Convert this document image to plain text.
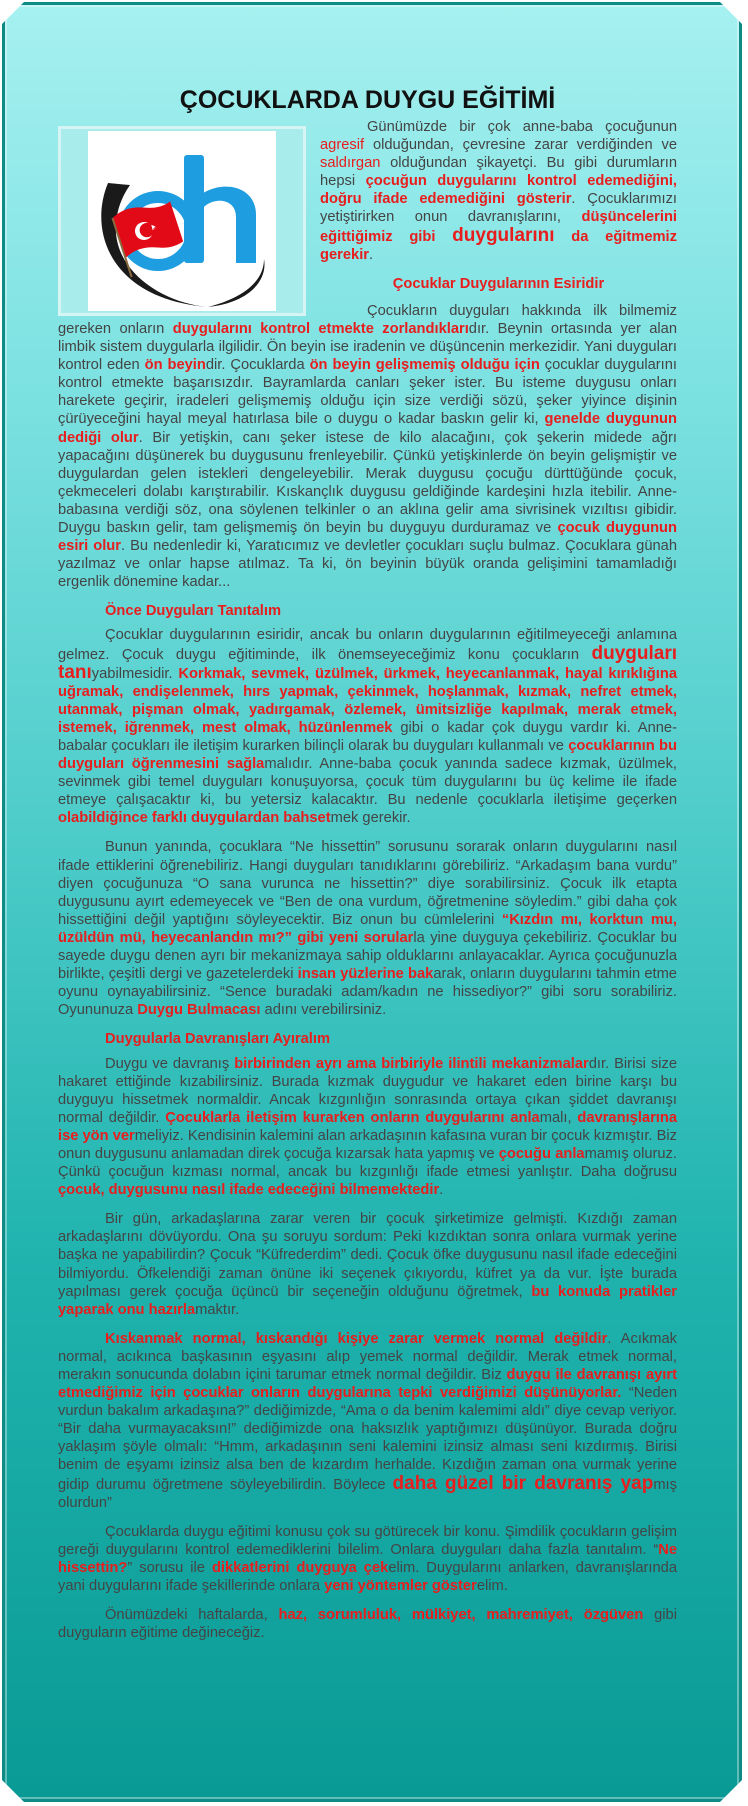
ÇOCUKLARDA DUYGU EĞİTİMİ

Günümüzde bir çok anne-baba çocuğunun agresif olduğundan, çevresine zarar verdiğinden ve saldırgan olduğundan şikayetçi. Bu gibi durumların hepsi çocuğun duygularını kontrol edemediğini, doğru ifade edemediğini gösterir. Çocuklarımızı yetiştirirken onun davranışlarını, düşüncelerini eğittiğimiz gibi duygularını da eğitmemiz gerekir.

Çocuklar Duygularının Esiridir

Çocukların duyguları hakkında ilk bilmemiz gereken onların duygularını kontrol etmekte zorlandıklarıdır. Beynin ortasında yer alan limbik sistem duygularla ilgilidir. Ön beyin ise iradenin ve düşüncenin merkezidir. Yani duyguları kontrol eden ön beyindir. Çocuklarda ön beyin gelişmemiş olduğu için çocuklar duygularını kontrol etmekte başarısızdır. Bayramlarda canları şeker ister. Bu isteme duygusu onları harekete geçirir, iradeleri gelişmemiş olduğu için size verdiği sözü, şeker yiyince dişinin çürüyeceğini hayal meyal hatırlasa bile o duygu o kadar baskın gelir ki, genelde duygunun dediği olur. Bir yetişkin, canı şeker istese de kilo alacağını, çok şekerin midede ağrı yapacağını düşünerek bu duygusunu frenleyebilir. Çünkü yetişkinlerde ön beyin gelişmiştir ve duygulardan gelen istekleri dengeleyebilir. Merak duygusu çocuğu dürttüğünde çocuk, çekmeceleri dolabı karıştırabilir. Kıskançlık duygusu geldiğinde kardeşini hızla itebilir. Anne-babasına verdiği söz, ona söylenen telkinler o an aklına gelir ama sivrisinek vızıltısı gibidir. Duygu baskın gelir, tam gelişmemiş ön beyin bu duyguyu durduramaz ve çocuk duygunun esiri olur. Bu nedenledir ki, Yaratıcımız ve devletler çocukları suçlu bulmaz. Çocuklara günah yazılmaz ve onlar hapse atılmaz. Ta ki, ön beyinin büyük oranda gelişimini tamamladığı ergenlik dönemine kadar...

Önce Duyguları Tanıtalım

Çocuklar duygularının esiridir, ancak bu onların duygularının eğitilmeyeceği anlamına gelmez. Çocuk duygu eğitiminde, ilk önemseyeceğimiz konu çocukların duyguları tanıyabilmesidir. Korkmak, sevmek, üzülmek, ürkmek, heyecanlanmak, hayal kırıklığına uğramak, endişelenmek, hırs yapmak, çekinmek, hoşlanmak, kızmak, nefret etmek, utanmak, pişman olmak, yadırgamak, özlemek, ümitsizliğe kapılmak, merak etmek, istemek, iğrenmek, mest olmak, hüzünlenmek gibi o kadar çok duygu vardır ki. Anne-babalar çocukları ile iletişim kurarken bilinçli olarak bu duyguları kullanmalı ve çocuklarının bu duyguları öğrenmesini sağlamalıdır. Anne-baba çocuk yanında sadece kızmak, üzülmek, sevinmek gibi temel duyguları konuşuyorsa, çocuk tüm duygularını bu üç kelime ile ifade etmeye çalışacaktır ki, bu yetersiz kalacaktır. Bu nedenle çocuklarla iletişime geçerken olabildiğince farklı duygulardan bahsetmek gerekir.

Bunun yanında, çocuklara “Ne hissettin” sorusunu sorarak onların duygularını nasıl ifade ettiklerini öğrenebiliriz. Hangi duyguları tanıdıklarını görebiliriz. “Arkadaşım bana vurdu” diyen çocuğunuza “O sana vurunca ne hissettin?” diye sorabilirsiniz. Çocuk ilk etapta duygusunu ayırt edemeyecek ve “Ben de ona vurdum, öğretmenine söyledim.” gibi daha çok hissettiğini değil yaptığını söyleyecektir. Biz onun bu cümlelerini “Kızdın mı, korktun mu, üzüldün mü, heyecanlandın mı?” gibi yeni sorularla yine duyguya çekebiliriz. Çocuklar bu sayede duygu denen ayrı bir mekanizmaya sahip olduklarını anlayacaklar. Ayrıca çocuğunuzla birlikte, çeşitli dergi ve gazetelerdeki insan yüzlerine bakarak, onların duygularını tahmin etme oyunu oynayabilirsiniz. “Sence buradaki adam/kadın ne hissediyor?” gibi soru sorabiliriz. Oyununuza Duygu Bulmacası adını verebilirsiniz.

Duygularla Davranışları Ayıralım

Duygu ve davranış birbirinden ayrı ama birbiriyle ilintili mekanizmalardır. Birisi size hakaret ettiğinde kızabilirsiniz. Burada kızmak duygudur ve hakaret eden birine karşı bu duyguyu hissetmek normaldir. Ancak kızgınlığın sonrasında ortaya çıkan şiddet davranışı normal değildir. Çocuklarla iletişim kurarken onların duygularını anlamalı, davranışlarına ise yön vermeliyiz. Kendisinin kalemini alan arkadaşının kafasına vuran bir çocuk kızmıştır. Biz onun duygusunu anlamadan direk çocuğa kızarsak hata yapmış ve çocuğu anlamamış oluruz. Çünkü çocuğun kızması normal, ancak bu kızgınlığı ifade etmesi yanlıştır. Daha doğrusu çocuk, duygusunu nasıl ifade edeceğini bilmemektedir.

Bir gün, arkadaşlarına zarar veren bir çocuk şirketimize gelmişti. Kızdığı zaman arkadaşlarını dövüyordu. Ona şu soruyu sordum: Peki kızdıktan sonra onlara vurmak yerine başka ne yapabilirdin? Çocuk “Küfrederdim” dedi. Çocuk öfke duygusunu nasıl ifade edeceğini bilmiyordu. Öfkelendiği zaman önüne iki seçenek çıkıyordu, küfret ya da vur. İşte burada yapılması gerek çocuğa üçüncü bir seçeneğin olduğunu öğretmek, bu konuda pratikler yaparak onu hazırlamaktır.

Kıskanmak normal, kıskandığı kişiye zarar vermek normal değildir. Acıkmak normal, acıkınca başkasının eşyasını alıp yemek normal değildir. Merak etmek normal, merakın sonucunda dolabın içini tarumar etmek normal değildir. Biz duygu ile davranışı ayırt etmediğimiz için çocuklar onların duygularına tepki verdiğimizi düşünüyorlar. “Neden vurdun bakalım arkadaşına?” dediğimizde, “Ama o da benim kalemimi aldı” diye cevap veriyor. “Bir daha vurmayacaksın!” dediğimizde ona haksızlık yaptığımızı düşünüyor. Burada doğru yaklaşım şöyle olmalı: “Hmm, arkadaşının seni kalemini izinsiz alması seni kızdırmış. Birisi benim de eşyamı izinsiz alsa ben de kızardım herhalde. Kızdığın zaman ona vurmak yerine gidip durumu öğretmene söyleyebilirdin. Böylece daha güzel bir davranış yapmış olurdun”

Çocuklarda duygu eğitimi konusu çok su götürecek bir konu. Şimdilik çocukların gelişim gereği duygularını kontrol edemediklerini bilelim. Onlara duyguları daha fazla tanıtalım. “Ne hissettin?” sorusu ile dikkatlerini duyguya çekelim. Duygularını anlarken, davranışlarında yani duygularını ifade şekillerinde onlara yeni yöntemler gösterelim.

Önümüzdeki haftalarda, haz, sorumluluk, mülkiyet, mahremiyet, özgüven gibi duyguların eğitime değineceğiz.
